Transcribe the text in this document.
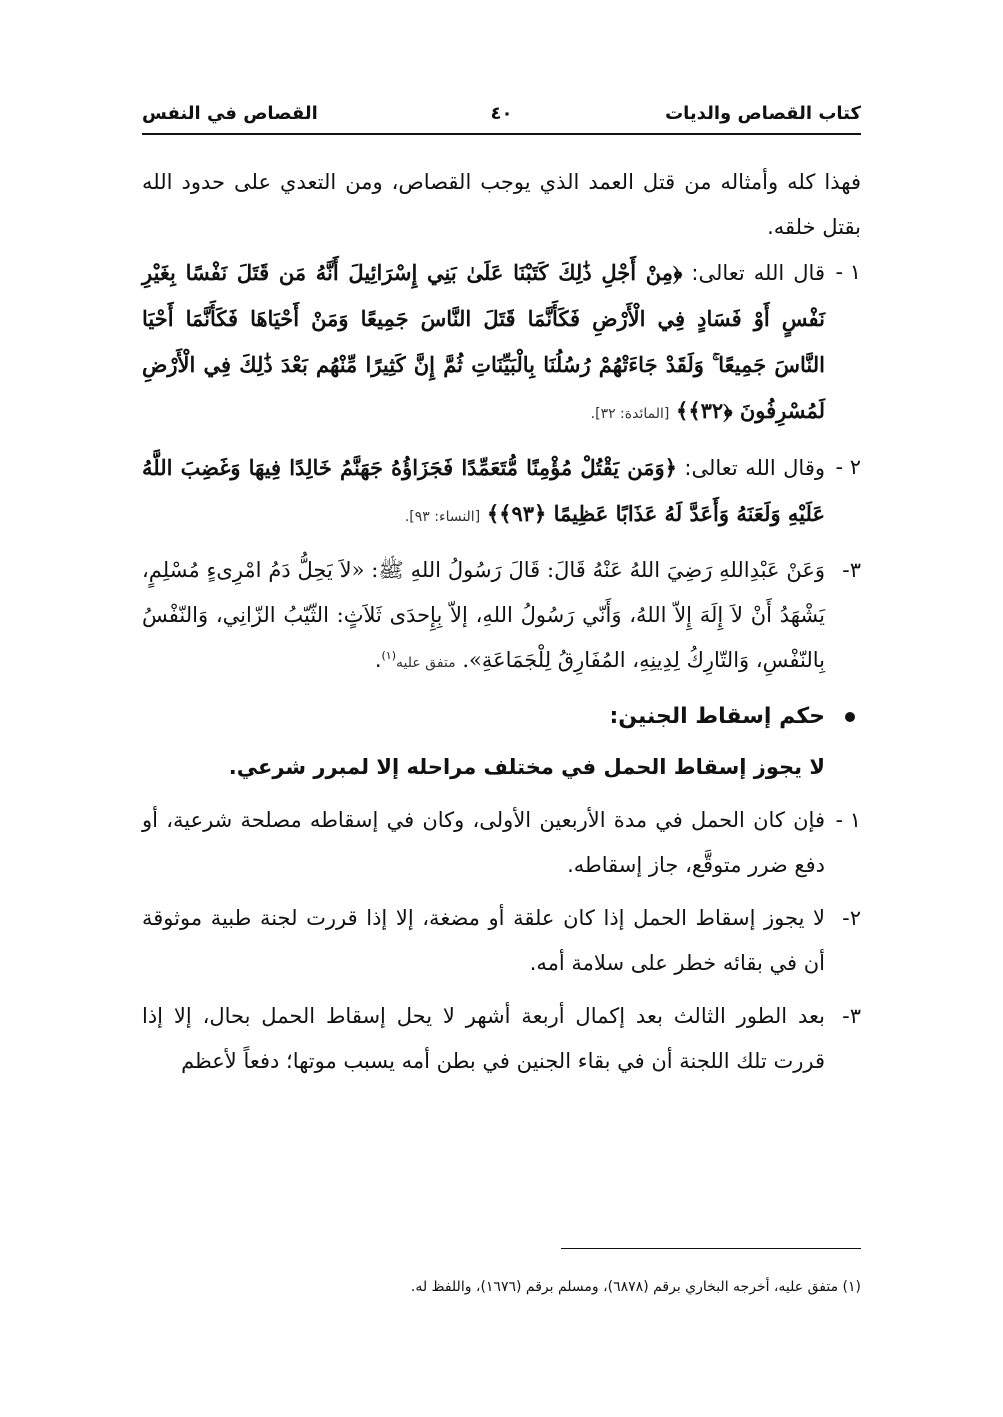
كتاب القصاص والديات
٤٠
القصاص في النفس

فهذا كله وأمثاله من قتل العمد الذي يوجب القصاص، ومن التعدي على حدود الله بقتل خلقه.

١ -
قال الله تعالى: ﴿مِنْ أَجْلِ ذَٰلِكَ كَتَبْنَا عَلَىٰ بَنِي إِسْرَائِيلَ أَنَّهُ مَن قَتَلَ نَفْسًا بِغَيْرِ نَفْسٍ أَوْ فَسَادٍ فِي الْأَرْضِ فَكَأَنَّمَا قَتَلَ النَّاسَ جَمِيعًا وَمَنْ أَحْيَاهَا فَكَأَنَّمَا أَحْيَا النَّاسَ جَمِيعًا ۚ وَلَقَدْ جَاءَتْهُمْ رُسُلُنَا بِالْبَيِّنَاتِ ثُمَّ إِنَّ كَثِيرًا مِّنْهُم بَعْدَ ذَٰلِكَ فِي الْأَرْضِ لَمُسْرِفُونَ ﴿٣٢﴾﴾ [المائدة: ٣٢].
٢ -
وقال الله تعالى: ﴿وَمَن يَقْتُلْ مُؤْمِنًا مُّتَعَمِّدًا فَجَزَاؤُهُ جَهَنَّمُ خَالِدًا فِيهَا وَغَضِبَ اللَّهُ عَلَيْهِ وَلَعَنَهُ وَأَعَدَّ لَهُ عَذَابًا عَظِيمًا ﴿٩٣﴾﴾ [النساء: ٩٣].
٣-
وَعَنْ عَبْدِاللهِ رَضِيَ اللهُ عَنْهُ قَالَ: قَالَ رَسُولُ اللهِ ﷺ: «لاَ يَحِلُّ دَمُ امْرِىءٍ مُسْلِمٍ، يَشْهَدُ أَنْ لاَ إِلَهَ إِلاّ اللهُ، وَأَنّي رَسُولُ اللهِ، إلاّ بِإِحدَى ثَلاَثٍ: الثّيّبُ الزّانِي، وَالنّفْسُ بِالنّفْسِ، وَالتّارِكُ لِدِينِهِ، المُفَارِقُ لِلْجَمَاعَةِ». متفق عليه$^{(١)}$.
حكم إسقاط الجنين:
لا يجوز إسقاط الحمل في مختلف مراحله إلا لمبرر شرعي.
١ -
فإن كان الحمل في مدة الأربعين الأولى، وكان في إسقاطه مصلحة شرعية، أو دفع ضرر متوقَّع، جاز إسقاطه.
٢-
لا يجوز إسقاط الحمل إذا كان علقة أو مضغة، إلا إذا قررت لجنة طبية موثوقة أن في بقائه خطر على سلامة أمه.
٣-
بعد الطور الثالث بعد إكمال أربعة أشهر لا يحل إسقاط الحمل بحال، إلا إذا قررت تلك اللجنة أن في بقاء الجنين في بطن أمه يسبب موتها؛ دفعاً لأعظم
(١) متفق عليه، أخرجه البخاري برقم (٦٨٧٨)، ومسلم برقم (١٦٧٦)، واللفظ له.
